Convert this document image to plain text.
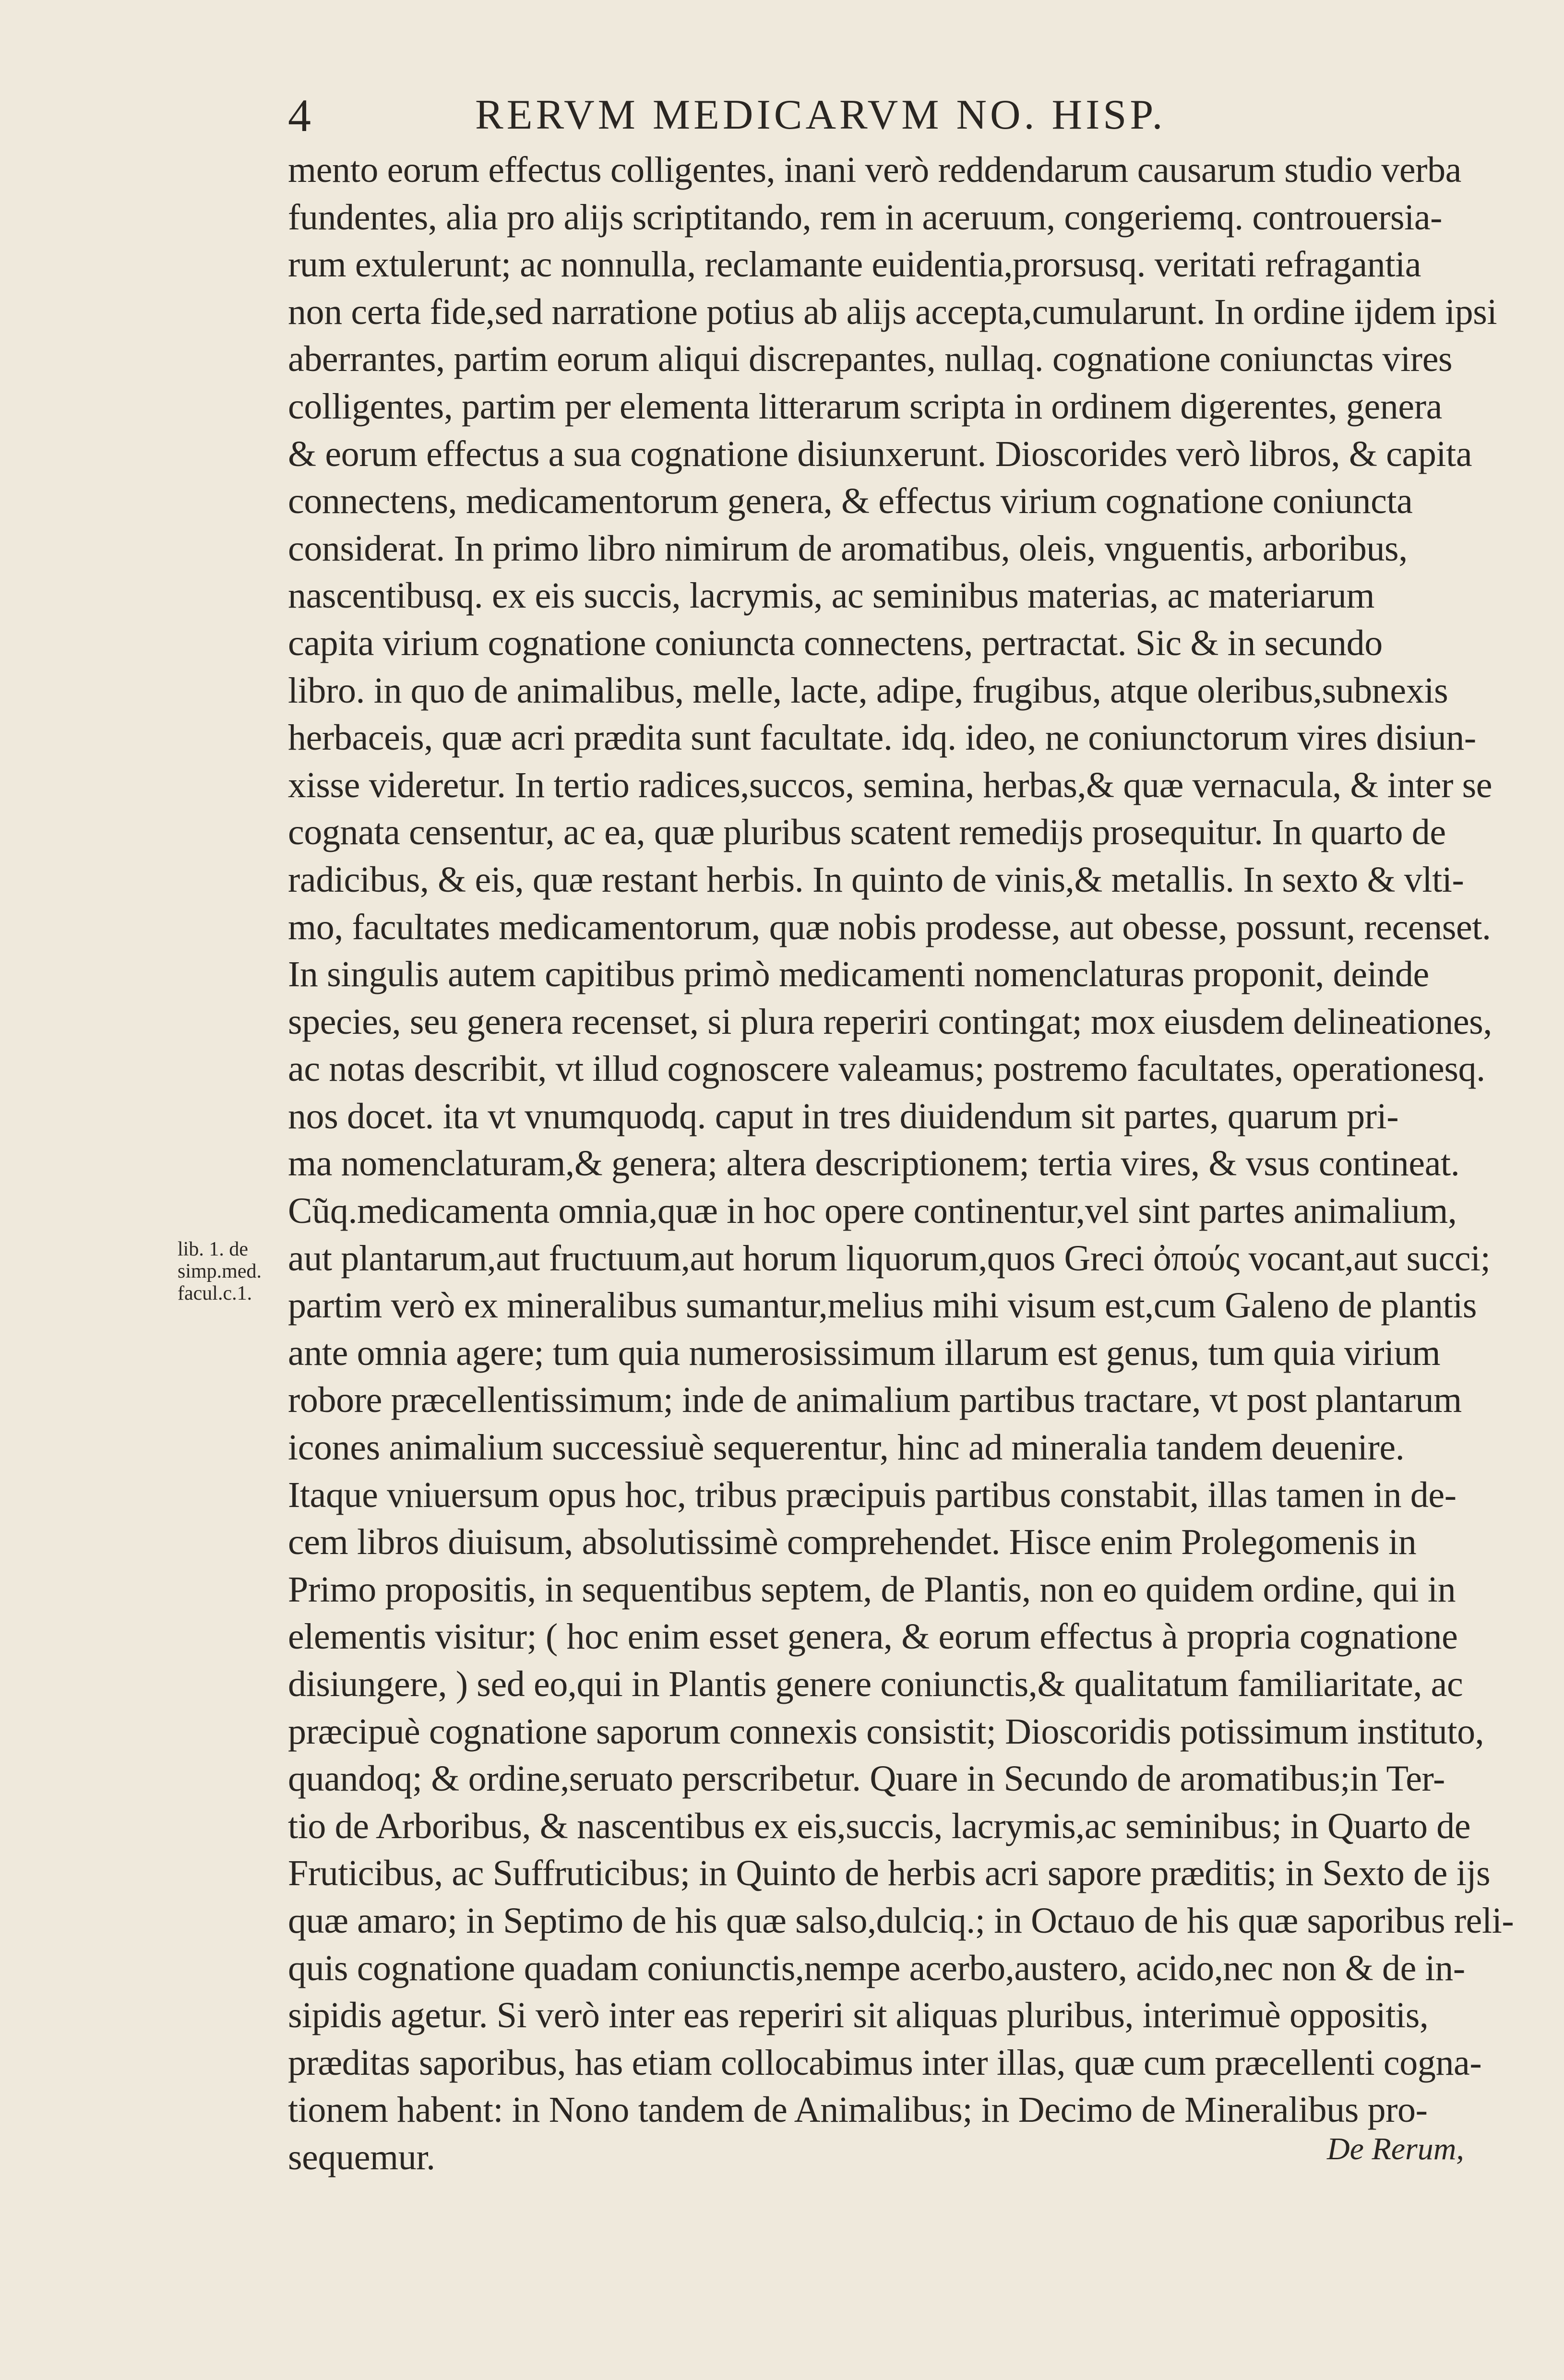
4	RERVM MEDICARVM NO. HISP.
mento eorum effectus colligentes, inani verò reddendarum causarum studio verba
fundentes, alia pro alijs scriptitando, rem in aceruum, congeriemq. controuersia-
rum extulerunt; ac nonnulla, reclamante euidentia,prorsusq. veritati refragantia
non certa fide,sed narratione potius ab alijs accepta,cumularunt. In ordine ijdem ipsi
aberrantes, partim eorum aliqui discrepantes, nullaq. cognatione coniunctas vires
colligentes, partim per elementa litterarum scripta in ordinem digerentes, genera
& eorum effectus a sua cognatione disiunxerunt. Dioscorides verò libros, & capita
connectens, medicamentorum genera, & effectus virium cognatione coniuncta
considerat. In primo libro nimirum de aromatibus, oleis, vnguentis, arboribus,
nascentibusq. ex eis succis, lacrymis, ac seminibus materias, ac materiarum
capita virium cognatione coniuncta connectens, pertractat. Sic & in secundo
libro. in quo de animalibus, melle, lacte, adipe, frugibus, atque oleribus,subnexis
herbaceis, quæ acri prædita sunt facultate. idq. ideo, ne coniunctorum vires disiun-
xisse videretur. In tertio radices,succos, semina, herbas,& quæ vernacula, & inter se
cognata censentur, ac ea, quæ pluribus scatent remedijs prosequitur. In quarto de
radicibus, & eis, quæ restant herbis. In quinto de vinis,& metallis. In sexto & vlti-
mo, facultates medicamentorum, quæ nobis prodesse, aut obesse, possunt, recenset.
In singulis autem capitibus primò medicamenti nomenclaturas proponit, deinde
species, seu genera recenset, si plura reperiri contingat; mox eiusdem delineationes,
ac notas describit, vt illud cognoscere valeamus; postremo facultates, operationesq.
nos docet. ita vt vnumquodq. caput in tres diuidendum sit partes, quarum pri-
ma nomenclaturam,& genera; altera descriptionem; tertia vires, & vsus contineat.
Cũq.medicamenta omnia,quæ in hoc opere continentur,vel sint partes animalium,
aut plantarum,aut fructuum,aut horum liquorum,quos Greci ὀπούς vocant,aut succi;
partim verò ex mineralibus sumantur,melius mihi visum est,cum Galeno de plantis
ante omnia agere; tum quia numerosissimum illarum est genus, tum quia virium
robore præcellentissimum; inde de animalium partibus tractare, vt post plantarum
icones animalium successiuè sequerentur, hinc ad mineralia tandem deuenire.
Itaque vniuersum opus hoc, tribus præcipuis partibus constabit, illas tamen in de-
cem libros diuisum, absolutissimè comprehendet. Hisce enim Prolegomenis in
Primo propositis, in sequentibus septem, de Plantis, non eo quidem ordine, qui in
elementis visitur; ( hoc enim esset genera, & eorum effectus à propria cognatione
disiungere, ) sed eo,qui in Plantis genere coniunctis,& qualitatum familiaritate, ac
præcipuè cognatione saporum connexis consistit; Dioscoridis potissimum instituto,
quandoq; & ordine,seruato perscribetur. Quare in Secundo de aromatibus;in Ter-
tio de Arboribus, & nascentibus ex eis,succis, lacrymis,ac seminibus; in Quarto de
Fruticibus, ac Suffruticibus; in Quinto de herbis acri sapore præditis; in Sexto de ijs
quæ amaro; in Septimo de his quæ salso,dulciq.; in Octauo de his quæ saporibus reli-
quis cognatione quadam coniunctis,nempe acerbo,austero, acido,nec non & de in-
sipidis agetur. Si verò inter eas reperiri sit aliquas pluribus, interimuè oppositis,
præditas saporibus, has etiam collocabimus inter illas, quæ cum præcellenti cogna-
tionem habent: in Nono tandem de Animalibus; in Decimo de Mineralibus pro-
sequemur.
lib. 1. de
simp.med.
facul.c.1.
De Rerum,
